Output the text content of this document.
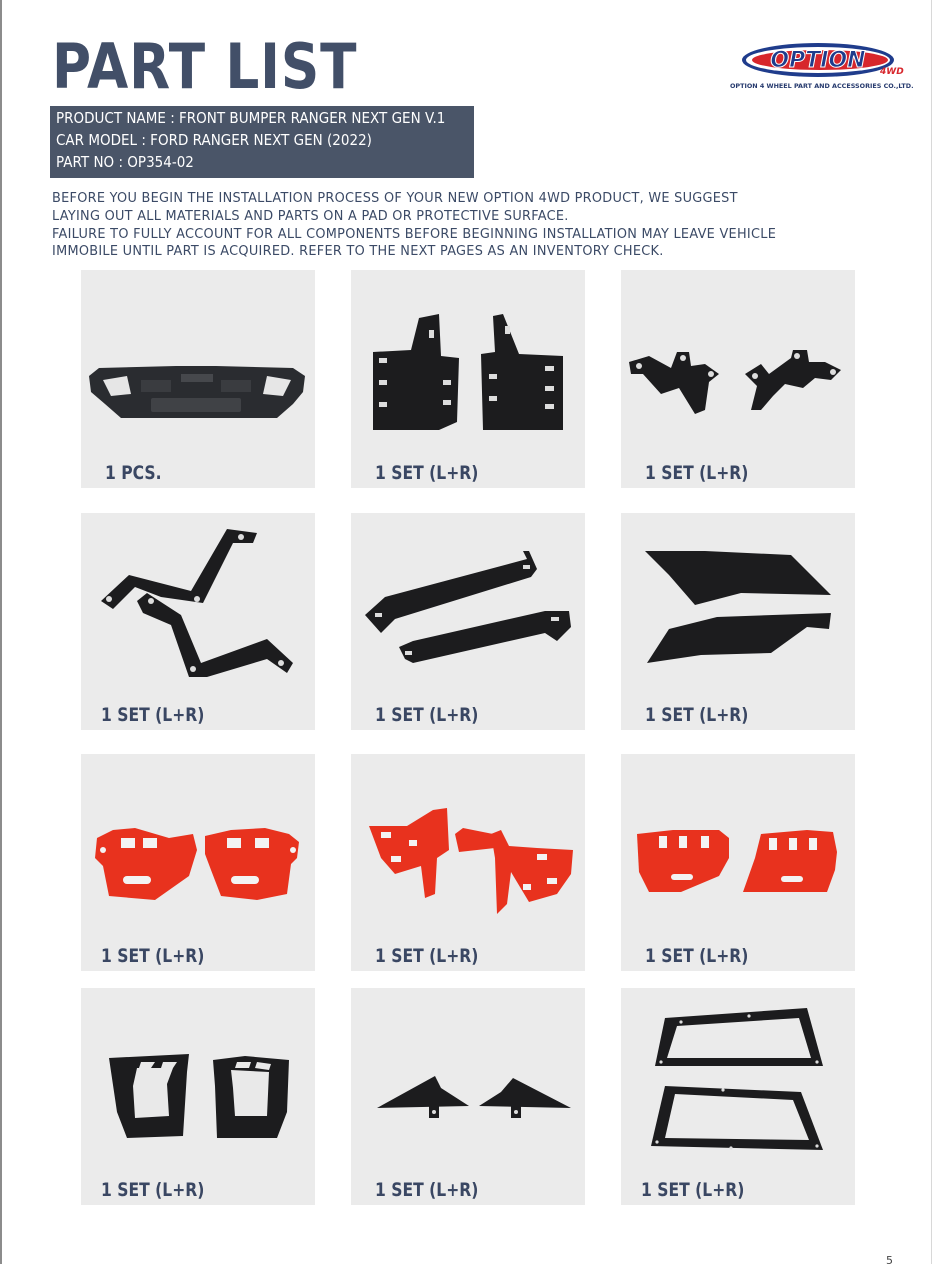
PART LIST
PRODUCT NAME : FRONT BUMPER RANGER NEXT GEN V.1
CAR MODEL : FORD RANGER NEXT GEN (2022)
PART NO : OP354-02
OPTION 4WD
OPTION 4 WHEEL PART AND ACCESSORIES CO.,LTD.
BEFORE YOU BEGIN THE INSTALLATION PROCESS OF YOUR NEW OPTION 4WD PRODUCT, WE SUGGEST
LAYING OUT ALL MATERIALS AND PARTS ON A PAD OR PROTECTIVE SURFACE.
FAILURE TO FULLY ACCOUNT FOR ALL COMPONENTS BEFORE BEGINNING INSTALLATION MAY LEAVE VEHICLE
IMMOBILE UNTIL PART IS ACQUIRED. REFER TO THE NEXT PAGES AS AN INVENTORY CHECK.
1 PCS.	1 SET (L+R)	1 SET (L+R)
1 SET (L+R)	1 SET (L+R)	1 SET (L+R)
1 SET (L+R)	1 SET (L+R)	1 SET (L+R)
1 SET (L+R)	1 SET (L+R)	1 SET (L+R)
5
